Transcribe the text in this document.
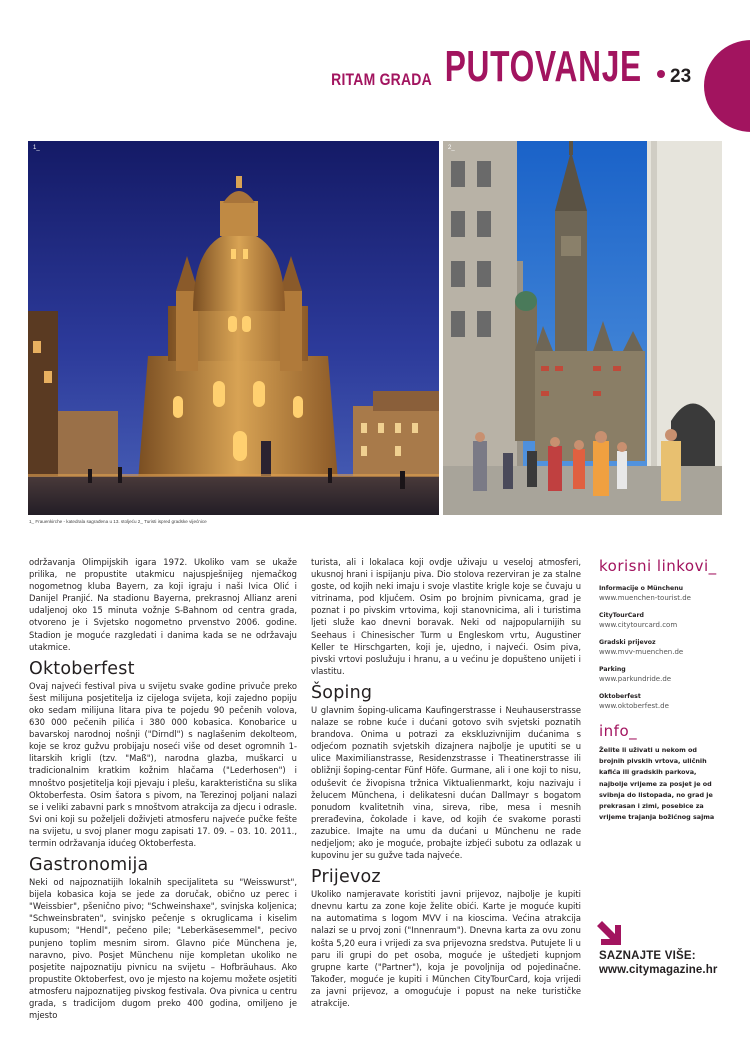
RITAM GRADA PUTOVANJE 23
1_	2_
1_ Frauenkirche - katedrala sagrađena u 13. stoljeću 2_ Turisti ispred gradske vijećnice

održavanja Olimpijskih igara 1972. Ukoliko vam se ukaže prilika, ne propustite utakmicu najuspješnijeg njemačkog nogometnog kluba Bayern, za koji igraju i naši Ivica Olić i Danijel Pranjić. Na stadionu Bayerna, prekrasnoj Allianz areni udaljenoj oko 15 minuta vožnje S-Bahnom od centra grada, otvoreno je i Svjetsko nogometno prvenstvo 2006. godine. Stadion je moguće razgledati i danima kada se ne održavaju utakmice.

Oktoberfest

Ovaj najveći festival piva u svijetu svake godine privuče preko šest milijuna posjetitelja iz cijeloga svijeta, koji zajedno popiju oko sedam milijuna litara piva te pojedu 90 pečenih volova, 630 000 pečenih pilića i 380 000 kobasica. Konobarice u bavarskoj narodnoj nošnji ("Dirndl") s naglašenim dekolteom, koje se kroz gužvu probijaju noseći više od deset ogromnih 1-litarskih krigli (tzv. "Maß"), narodna glazba, muškarci u tradicionalnim kratkim kožnim hlačama ("Lederhosen") i mnoštvo posjetitelja koji pjevaju i plešu, karakteristična su slika Oktoberfesta. Osim šatora s pivom, na Terezinoj poljani nalazi se i veliki zabavni park s mnoštvom atrakcija za djecu i odrasle. Svi oni koji su poželjeli doživjeti atmosferu najveće pučke fešte na svijetu, u svoj planer mogu zapisati 17. 09. – 03. 10. 2011., termin održavanja idućeg Oktoberfesta.

Gastronomija

Neki od najpoznatijih lokalnih specijaliteta su "Weisswurst", bijela kobasica koja se jede za doručak, obično uz perec i "Weissbier", pšenično pivo; "Schweinshaxe", svinjska koljenica; "Schweinsbraten", svinjsko pečenje s okruglicama i kiselim kupusom; "Hendl", pečeno pile; "Leberkäsesemmel", pecivo punjeno toplim mesnim sirom. Glavno piće Münchena je, naravno, pivo. Posjet Münchenu nije kompletan ukoliko ne posjetite najpoznatiju pivnicu na svijetu – Hofbräuhaus. Ako propustite Oktoberfest, ovo je mjesto na kojemu možete osjetiti atmosferu najpoznatijeg pivskog festivala. Ova pivnica u centru grada, s tradicijom dugom preko 400 godina, omiljeno je mjesto

turista, ali i lokalaca koji ovdje uživaju u veseloj atmosferi, ukusnoj hrani i ispijanju piva. Dio stolova rezerviran je za stalne goste, od kojih neki imaju i svoje vlastite krigle koje se čuvaju u vitrinama, pod ključem. Osim po brojnim pivnicama, grad je poznat i po pivskim vrtovima, koji stanovnicima, ali i turistima ljeti služe kao dnevni boravak. Neki od najpopularnijih su Seehaus i Chinesischer Turm u Engleskom vrtu, Augustiner Keller te Hirschgarten, koji je, ujedno, i najveći. Osim piva, pivski vrtovi poslužuju i hranu, a u većinu je dopušteno unijeti i vlastitu.

Šoping

U glavnim šoping-ulicama Kaufingerstrasse i Neuhauserstrasse nalaze se robne kuće i dućani gotovo svih svjetski poznatih brandova. Onima u potrazi za ekskluzivnijim dućanima s odjećom poznatih svjetskih dizajnera najbolje je uputiti se u ulice Maximilianstrasse, Residenzstrasse i Theatinerstrasse ili obližnji šoping-centar Fünf Höfe. Gurmane, ali i one koji to nisu, oduševit će živopisna tržnica Viktualienmarkt, koju nazivaju i želucem Münchena, i delikatesni dućan Dallmayr s bogatom ponudom kvalitetnih vina, sireva, ribe, mesa i mesnih prerađevina, čokolade i kave, od kojih će svakome porasti zazubice. Imajte na umu da dućani u Münchenu ne rade nedjeljom; ako je moguće, probajte izbjeći subotu za odlazak u kupovinu jer su gužve tada najveće.

Prijevoz

Ukoliko namjeravate koristiti javni prijevoz, najbolje je kupiti dnevnu kartu za zone koje želite obići. Karte je moguće kupiti na automatima s logom MVV i na kioscima. Većina atrakcija nalazi se u prvoj zoni ("Innenraum"). Dnevna karta za ovu zonu košta 5,20 eura i vrijedi za sva prijevozna sredstva. Putujete li u paru ili grupi do pet osoba, moguće je uštedjeti kupnjom grupne karte ("Partner"), koja je povoljnija od pojedinačne. Također, moguće je kupiti i München CityTourCard, koja vrijedi za javni prijevoz, a omogućuje i popust na neke turističke atrakcije.

korisni linkovi_
Informacije o Münchenu
www.muenchen-tourist.de
CityTourCard
www.citytourcard.com
Gradski prijevoz
www.mvv-muenchen.de
Parking
www.parkundride.de
Oktoberfest
www.oktoberfest.de
info_
Želite li uživati u nekom od brojnih pivskih vrtova, uličnih kafića ili gradskih parkova, najbolje vrijeme za posjet je od svibnja do listopada, no grad je prekrasan i zimi, posebice za vrijeme trajanja božićnog sajma
SAZNAJTE VIŠE:
www.citymagazine.hr
